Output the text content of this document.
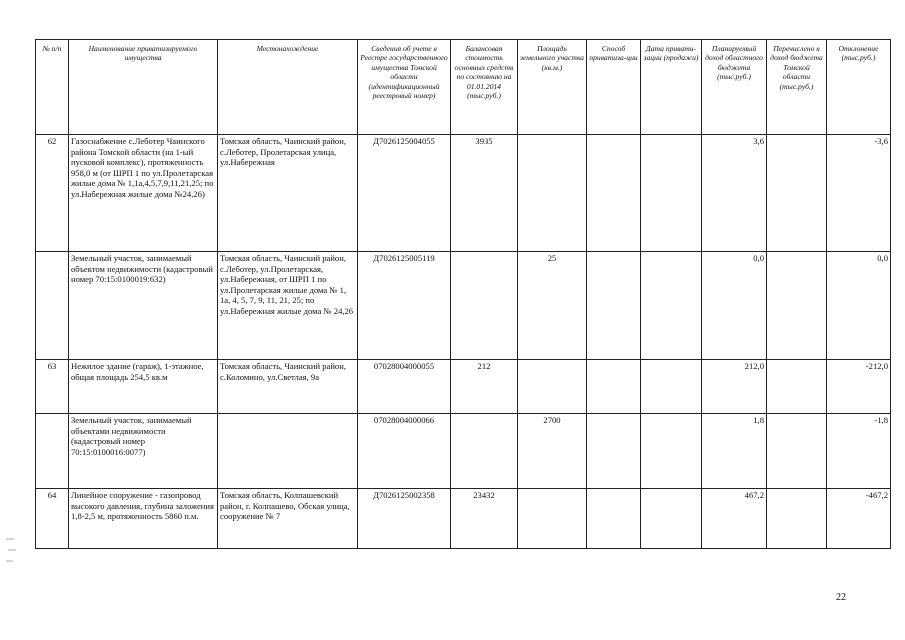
№ п/п	Наименование приватизируемого имущества	Местонахождение	Сведения об учете в Реестре государственного имущества Томской области (идентификационный реестровый номер)	Балансовая стоимость основных средств по состоянию на 01.01.2014 (тыс.руб.)	Площадь земельного участка (кв.м.)	Способ приватиза-ции	Дата привати-зации (продажи)	Планируемый доход областного бюджета (тыс.руб.)	Перечислено в доход бюджета Томской области (тыс.руб.)	Отклонение (тыс.руб.)
62	Газоснабжение с.Леботер Чаинского района Томской области (на 1-ый пусковой комплекс), протяженность 958,0 м (от ШРП 1 по ул.Пролетарская жилые дома № 1,1а,4,5,7,9,11,21,25; по ул.Набережная жилые дома №24,26)	Томская область, Чаинский район, с.Леботер, Пролетарская улица, ул.Набережная	Д7026125004055	3935				3,6		-3,6
	Земельный участок, занимаемый объектом недвижимости (кадастровый номер 70:15:0100019:632)	Томская область, Чаинский район, с.Леботер, ул.Пролетарская, ул.Набережная, от ШРП 1 по ул.Пролетарская жилые дома № 1, 1а, 4, 5, 7, 9, 11, 21, 25; по ул.Набережная жилые дома № 24,26	Д7026125005119		25			0,0		0,0
63	Нежилое здание (гараж), 1-этажное, общая площадь 254,5 кв.м	Томская область, Чаинский район, с.Коломино, ул.Светлая, 9а	07028004000055	212				212,0		-212,0
	Земельный участок, занимаемый объектами недвижимости (кадастровый номер 70:15:0100016:0077)		07028004000066		2700			1,8		-1,8
64	Линейное сооружение - газопровод высокого давления, глубина заложения 1,8-2,5 м, протяженность 5860 п.м.	Томская область, Колпашевский район, г. Колпашево, Обская улица, сооружение № 7	Д7026125002358	23432				467,2		-467,2
22
